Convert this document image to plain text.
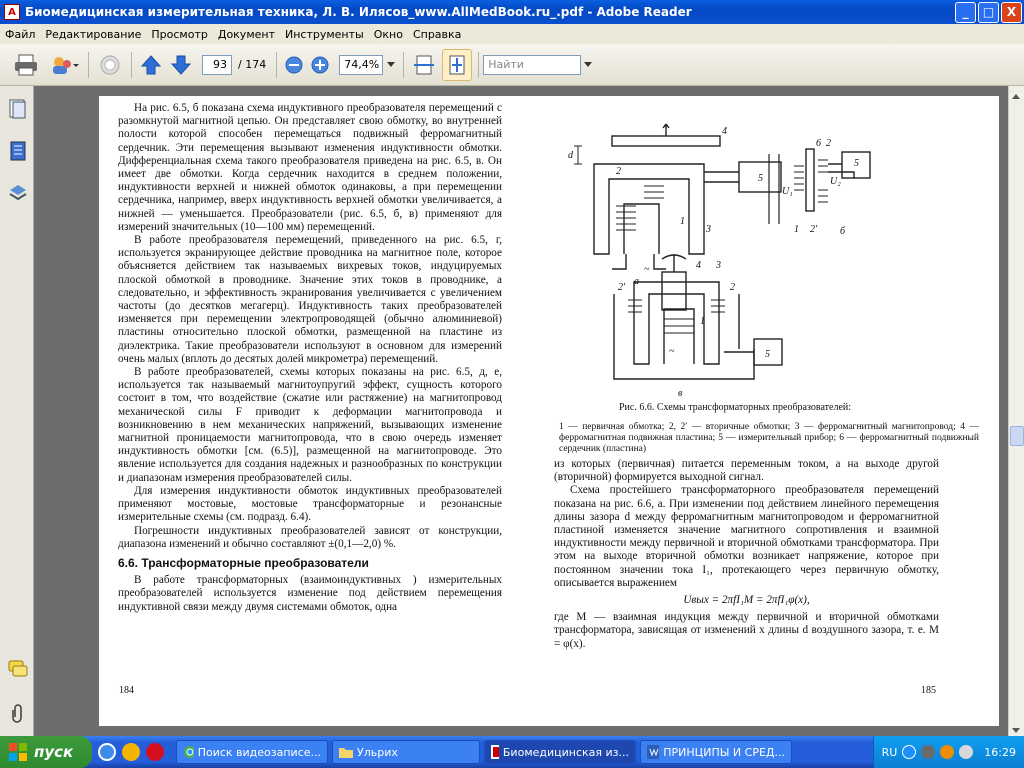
A Биомедицинская измерительная техника, Л. В. Илясов_www.AllMedBook.ru_.pdf - Adobe Reader	_	□	X
Файл Редактирование Просмотр Документ Инструменты Окно Справка
93	/ 174	74,4%	Найти

На рис. 6.5, б показана схема индуктивного преобразователя перемещений с разомкнутой магнитной цепью. Он представляет свою обмотку, во внутренней полости которой способен перемещаться подвижный ферромагнитный сердечник. Эти перемещения вызывают изменения индуктивности обмотки. Дифференциальная схема такого преобразователя приведена на рис. 6.5, в. Он имеет две обмотки. Когда сердечник находится в среднем положении, индуктивности верхней и нижней обмоток одинаковы, а при перемещении сердечника, например, вверх индуктивность верхней обмотки увеличивается, а нижней — уменьшается. Преобразователи (рис. 6.5, б, в) применяют для измерений значительных (10—100 мм) перемещений.

В работе преобразователя перемещений, приведенного на рис. 6.5, г, используется экранирующее действие проводника на магнитное поле, которое объясняется действием так называемых вихревых токов, индуцируемых плоской обмоткой в проводнике. Значение этих токов в проводнике, а следовательно, и эффективность экранирования увеличивается с увеличением частоты (до десятков мегагерц). Индуктивность таких преобразователей изменяется при перемещении электропроводящей (обычно алюминиевой) пластины относительно плоской обмотки, размещенной на пластине из диэлектрика. Такие преобразователи используют в основном для измерений очень малых (вплоть до десятых долей микрометра) перемещений.

В работе преобразователей, схемы которых показаны на рис. 6.5, д, е, используется так называемый магнитоупругий эффект, сущность которого состоит в том, что воздействие (сжатие или растяжение) на магнитопровод механической силы F приводит к деформации магнитопровода и возникновению в нем механических напряжений, вызывающих изменение магнитной проницаемости магнитопровода, что в свою очередь изменяет индуктивность обмотки [см. (6.5)], размещенной на магнитопроводе. Это явление используется для создания надежных и разнообразных по конструкции и диапазонам измерения преобразователей силы.

Для измерения индуктивности обмоток индуктивных преобразователей применяют мостовые, мостовые трансформаторные и резонансные измерительные схемы (см. подразд. 6.4).

Погрешности индуктивных преобразователей зависят от конструкции, диапазона изменений и обычно составляют ±(0,1—2,0) %.

6.6. Трансформаторные преобразователи

В работе трансформаторных (взаимоиндуктивных ) измерительных преобразователей используется изменение под действием перемещения индуктивной связи между двумя системами обмоток, одна

184
d
4
2
1
3
5
а
~
U₁
U₂
6 2
1 2′ б
5
4 3
2′	2
1
5
~
в
Рис. 6.6. Схемы трансформаторных преобразователей:
1 — первичная обмотка; 2, 2′ — вторичные обмотки; 3 — ферромагнитный магнитопровод; 4 — ферромагнитная подвижная пластина; 5 — измерительный прибор; 6 — ферромагнитный подвижный сердечник (пластина)

из которых (первичная) питается переменным током, а на выходе другой (вторичной) формируется выходной сигнал.

Схема простейшего трансформаторного преобразователя перемещений показана на рис. 6.6, а. При изменении под действием линейного перемещения длины зазора d между ферромагнитным магнитопроводом и ферромагнитной пластиной изменяется значение магнитного сопротивления и взаимной индуктивности между первичной и вторичной обмотками трансформатора. При этом на выходе вторичной обмотки возникает напряжение, которое при постоянном значении тока I₁, протекающего через первичную обмотку, описывается выражением

Uвых = 2πfI₁M = 2πfI₁φ(x),

где M — взаимная индукция между первичной и вторичной обмотками трансформатора, зависящая от изменений x длины d воздушного зазора, т. е. M = φ(x).

185
пуск	Поиск видеозаписе...	Ульрих	Биомедицинская из...	ПРИНЦИПЫ И СРЕД...	RU	16:29
